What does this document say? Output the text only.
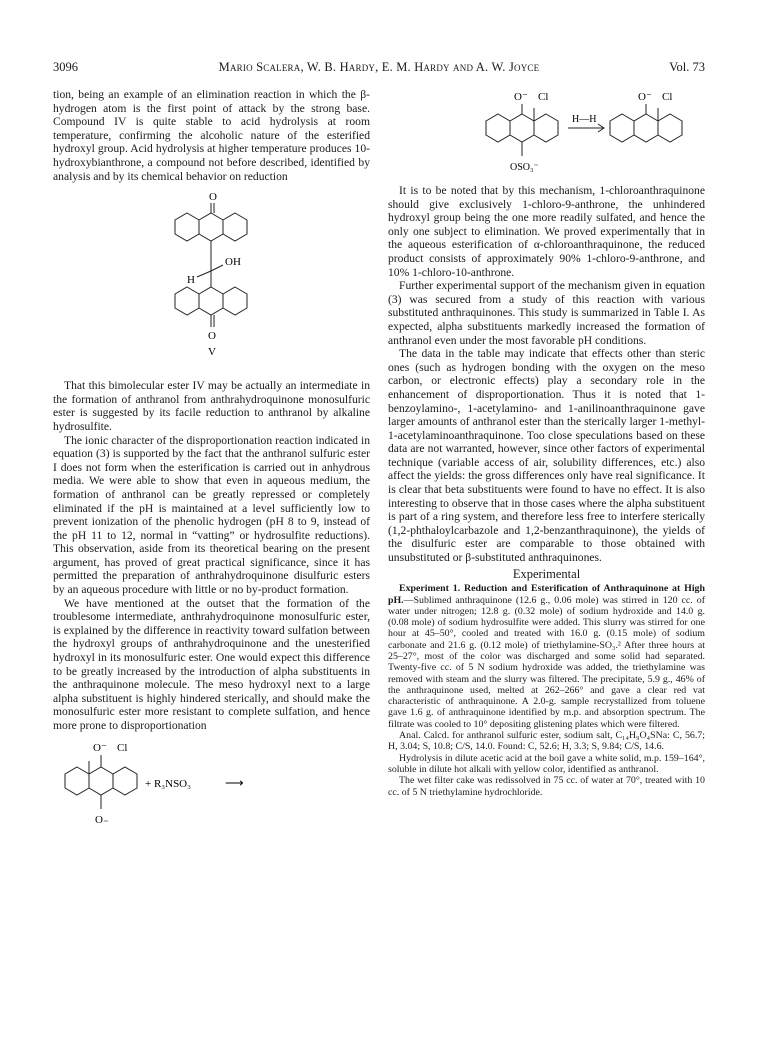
3096	Mario Scalera, W. B. Hardy, E. M. Hardy and A. W. Joyce	Vol. 73

tion, being an example of an elimination reaction in which the β-hydrogen atom is the first point of attack by the strong base. Compound IV is quite stable to acid hydrolysis at room temperature, confirming the alcoholic nature of the esterified hydroxyl group. Acid hydrolysis at higher temperature produces 10-hydroxybianthrone, a compound not before described, identified by analysis and by its chemical behavior on reduction

O
OH
H
O
V

That this bimolecular ester IV may be actually an intermediate in the formation of anthranol from anthrahydroquinone monosulfuric ester is suggested by its facile reduction to anthranol by alkaline hydrosulfite.

The ionic character of the disproportionation reaction indicated in equation (3) is supported by the fact that the anthranol sulfuric ester I does not form when the esterification is carried out in anhydrous media. We were able to show that even in aqueous medium, the formation of anthranol can be greatly repressed or completely eliminated if the pH is maintained at a level sufficiently low to prevent ionization of the phenolic hydrogen (pH 8 to 9, instead of the pH 11 to 12, normal in “vatting” or hydrosulfite reductions). This observation, aside from its theoretical bearing on the present argument, has proved of great practical significance, since it has permitted the preparation of anthrahydroquinone disulfuric esters by an aqueous procedure with little or no by-product formation.

We have mentioned at the outset that the formation of the troublesome intermediate, anthrahydroquinone monosulfuric ester, is explained by the difference in reactivity toward sulfation between the hydroxyl groups of anthrahydroquinone and the unesterified hydroxyl in its monosulfuric ester. One would expect this difference to be greatly increased by the introduction of alpha substituents in the anthraquinone molecule. The meso hydroxyl next to a large alpha substituent is highly hindered sterically, and should make the monosulfuric ester more resistant to complete sulfation, and hence more prone to disproportionation

O⁻ Cl
+ R₃NSO₃	⟶
O₋
O⁻ Cl	O⁻ Cl
H—H
OSO₃⁻

It is to be noted that by this mechanism, 1-chloroanthraquinone should give exclusively 1-chloro-9-anthrone, the unhindered hydroxyl group being the one more readily sulfated, and hence the only one subject to elimination. We proved experimentally that in the aqueous esterification of α-chloroanthraquinone, the reduced product consists of approximately 90% 1-chloro-9-anthrone, and 10% 1-chloro-10-anthrone.

Further experimental support of the mechanism given in equation (3) was secured from a study of this reaction with various substituted anthraquinones. This study is summarized in Table I. As expected, alpha substituents markedly increased the formation of anthranol even under the most favorable pH conditions.

The data in the table may indicate that effects other than steric ones (such as hydrogen bonding with the oxygen on the meso carbon, or electronic effects) play a secondary role in the enhancement of disproportionation. Thus it is noted that 1-benzoylamino-, 1-acetylamino- and 1-anilinoanthraquinone gave larger amounts of anthranol ester than the sterically larger 1-methyl-1-acetylaminoanthraquinone. Too close speculations based on these data are not warranted, however, since other factors of experimental technique (variable access of air, solubility differences, etc.) also affect the yields: the gross differences only have real significance. It is clear that beta substituents were found to have no effect. It is also interesting to observe that in those cases where the alpha substituent is part of a ring system, and therefore less free to interfere sterically (1,2-phthaloylcarbazole and 1,2-benzanthraquinone), the yields of the disulfuric ester are comparable to those obtained with unsubstituted or β-substituted anthraquinones.

Experimental

Experiment 1. Reduction and Esterification of Anthraquinone at High pH.—Sublimed anthraquinone (12.6 g., 0.06 mole) was stirred in 120 cc. of water under nitrogen; 12.8 g. (0.32 mole) of sodium hydroxide and 14.0 g. (0.08 mole) of sodium hydrosulfite were added. This slurry was stirred for one hour at 45–50°, cooled and treated with 16.0 g. (0.15 mole) of sodium carbonate and 21.6 g. (0.12 mole) of triethylamine-SO₃.² After three hours at 25–27°, most of the color was discharged and some solid had separated. Twenty-five cc. of 5 N sodium hydroxide was added, the triethylamine was removed with steam and the slurry was filtered. The precipitate, 5.9 g., 46% of the anthraquinone used, melted at 262–266° and gave a clear red vat characteristic of anthraquinone. A 2.0-g. sample recrystallized from toluene gave 1.6 g. of anthraquinone identified by m.p. and absorption spectrum. The filtrate was cooled to 10° depositing glistening plates which were filtered.

Anal. Calcd. for anthranol sulfuric ester, sodium salt, C₁₄H₉O₄SNa: C, 56.7; H, 3.04; S, 10.8; C/S, 14.0. Found: C, 52.6; H, 3.3; S, 9.84; C/S, 14.6.

Hydrolysis in dilute acetic acid at the boil gave a white solid, m.p. 159–164°, soluble in dilute hot alkali with yellow color, identified as anthranol.

The wet filter cake was redissolved in 75 cc. of water at 70°, treated with 10 cc. of 5 N triethylamine hydrochloride.
